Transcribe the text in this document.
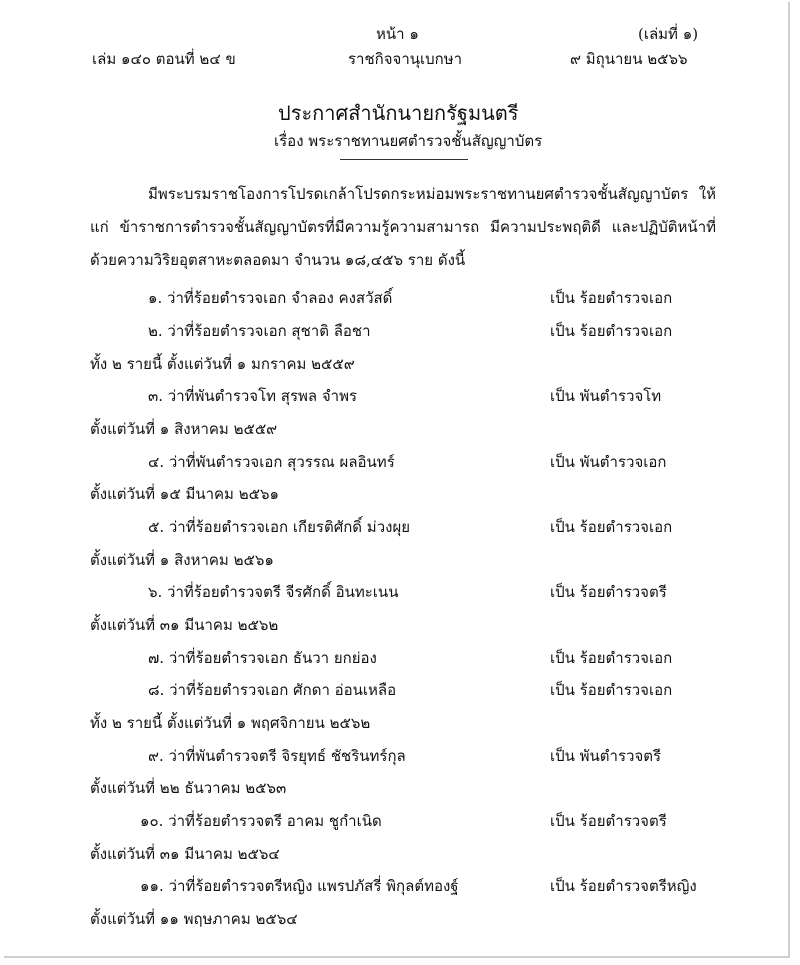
หน้า ๑	(เล่มที่ ๑)
เล่ม ๑๔๐ ตอนที่ ๒๔ ข	ราชกิจจานุเบกษา	๙ มิถุนายน ๒๕๖๖
ประกาศสำนักนายกรัฐมนตรี
เรื่อง พระราชทานยศตำรวจชั้นสัญญาบัตร

มีพระบรมราชโองการโปรดเกล้าโปรดกระหม่อมพระราชทานยศตำรวจชั้นสัญญาบัตร ให้แก่ ข้าราชการตำรวจชั้นสัญญาบัตรที่มีความรู้ความสามารถ มีความประพฤติดี และปฏิบัติหน้าที่ ด้วยความวิริยอุตสาหะตลอดมา จำนวน ๑๘,๔๕๖ ราย ดังนี้

๑. ว่าที่ร้อยตำรวจเอก จำลอง คงสวัสดิ์	เป็น ร้อยตำรวจเอก
๒. ว่าที่ร้อยตำรวจเอก สุชาติ ลือชา	เป็น ร้อยตำรวจเอก
ทั้ง ๒ รายนี้ ตั้งแต่วันที่ ๑ มกราคม ๒๕๕๙
๓. ว่าที่พันตำรวจโท สุรพล จำพร	เป็น พันตำรวจโท
ตั้งแต่วันที่ ๑ สิงหาคม ๒๕๕๙
๔. ว่าที่พันตำรวจเอก สุวรรณ ผลอินทร์	เป็น พันตำรวจเอก
ตั้งแต่วันที่ ๑๕ มีนาคม ๒๕๖๑
๕. ว่าที่ร้อยตำรวจเอก เกียรติศักดิ์ ม่วงผุย	เป็น ร้อยตำรวจเอก
ตั้งแต่วันที่ ๑ สิงหาคม ๒๕๖๑
๖. ว่าที่ร้อยตำรวจตรี จีรศักดิ์ อินทะเนน	เป็น ร้อยตำรวจตรี
ตั้งแต่วันที่ ๓๑ มีนาคม ๒๕๖๒
๗. ว่าที่ร้อยตำรวจเอก ธันวา ยกย่อง	เป็น ร้อยตำรวจเอก
๘. ว่าที่ร้อยตำรวจเอก ศักดา อ่อนเหลือ	เป็น ร้อยตำรวจเอก
ทั้ง ๒ รายนี้ ตั้งแต่วันที่ ๑ พฤศจิกายน ๒๕๖๒
๙. ว่าที่พันตำรวจตรี จิรยุทธ์ ชัชรินทร์กุล	เป็น พันตำรวจตรี
ตั้งแต่วันที่ ๒๒ ธันวาคม ๒๕๖๓
๑๐. ว่าที่ร้อยตำรวจตรี อาคม ชูกำเนิด	เป็น ร้อยตำรวจตรี
ตั้งแต่วันที่ ๓๑ มีนาคม ๒๕๖๔
๑๑. ว่าที่ร้อยตำรวจตรีหญิง แพรปภัสรี่ พิกุลต์ทองฐ์	เป็น ร้อยตำรวจตรีหญิง
ตั้งแต่วันที่ ๑๑ พฤษภาคม ๒๕๖๔
